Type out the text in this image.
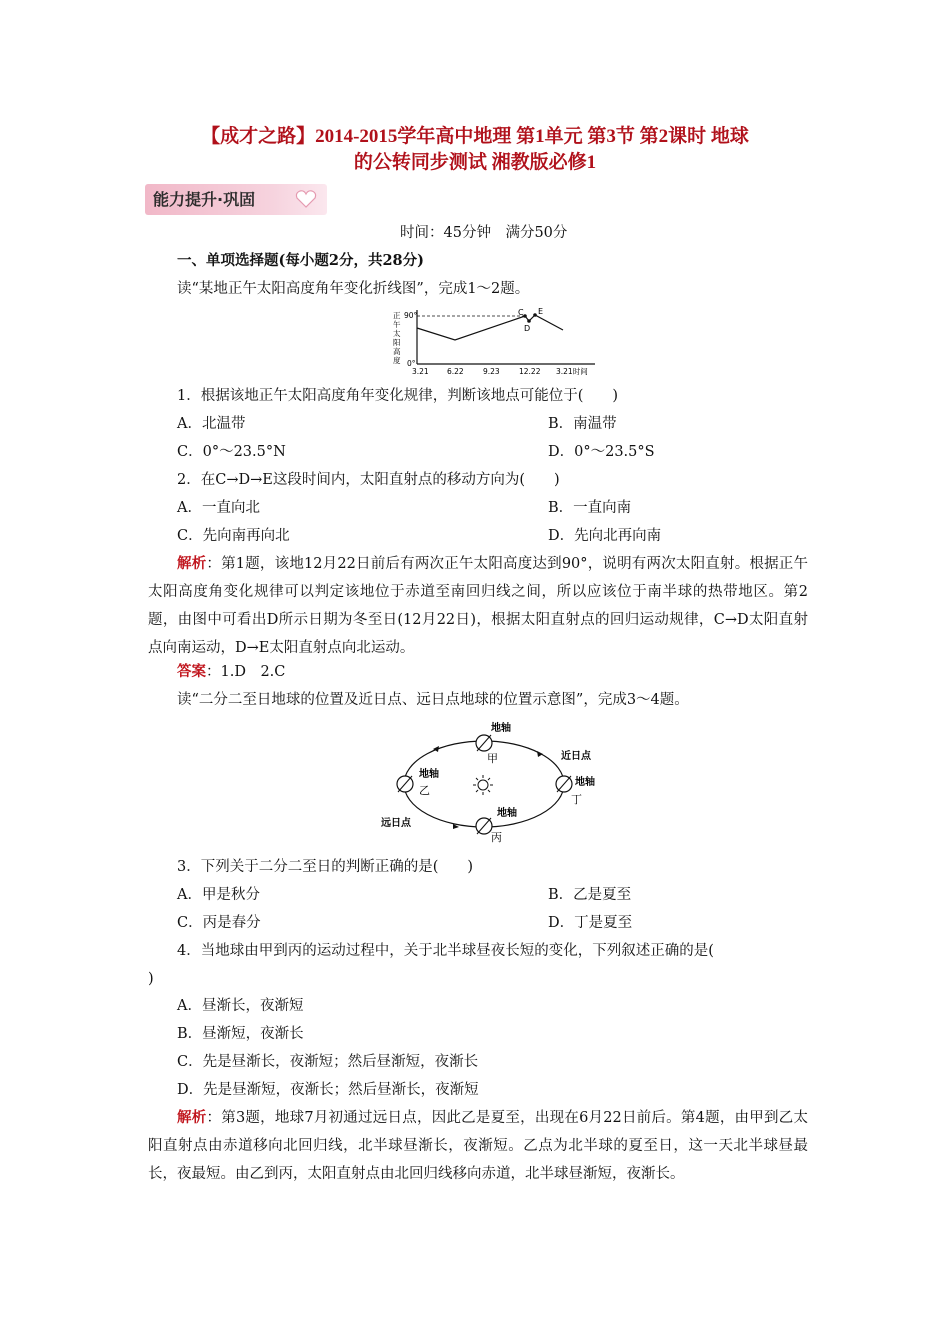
【成才之路】2014-2015学年高中地理 第1单元 第3节 第2课时 地球
的公转同步测试 湘教版必修1
能力提升·巩固
时间：45分钟　满分50分
一、单项选择题(每小题2分，共28分)
读“某地正午太阳高度角年变化折线图”，完成1～2题。
C
D
E
90°
0°
正午太阳高度
3.21 6.22	9.23	12.22 3.21时间
1．根据该地正午太阳高度角年变化规律，判断该地点可能位于(　　)
A．北温带	B．南温带
C．0°～23.5°N	D．0°～23.5°S
2．在C→D→E这段时间内，太阳直射点的移动方向为(　　)
A．一直向北	B．一直向南
C．先向南再向北	D．先向北再向南
解析：第1题，该地12月22日前后有两次正午太阳高度达到90°，说明有两次太阳直射。根据正午太阳高度角变化规律可以判定该地位于赤道至南回归线之间，所以应该位于南半球的热带地区。第2题，由图中可看出D所示日期为冬至日(12月22日)，根据太阳直射点的回归运动规律，C→D太阳直射点向南运动，D→E太阳直射点向北运动。
答案：1.D　2.C
读“二分二至日地球的位置及近日点、远日点地球的位置示意图”，完成3～4题。
地轴
甲
地轴
乙
地轴
丙
地轴
丁
近日点
远日点
3．下列关于二分二至日的判断正确的是(　　)
A．甲是秋分	B．乙是夏至
C．丙是春分	D．丁是夏至
4．当地球由甲到丙的运动过程中，关于北半球昼夜长短的变化，下列叙述正确的是(
)
A．昼渐长，夜渐短
B．昼渐短，夜渐长
C．先是昼渐长，夜渐短；然后昼渐短，夜渐长
D．先是昼渐短，夜渐长；然后昼渐长，夜渐短
解析：第3题，地球7月初通过远日点，因此乙是夏至，出现在6月22日前后。第4题，由甲到乙太阳直射点由赤道移向北回归线，北半球昼渐长，夜渐短。乙点为北半球的夏至日，这一天北半球昼最长，夜最短。由乙到丙，太阳直射点由北回归线移向赤道，北半球昼渐短，夜渐长。
